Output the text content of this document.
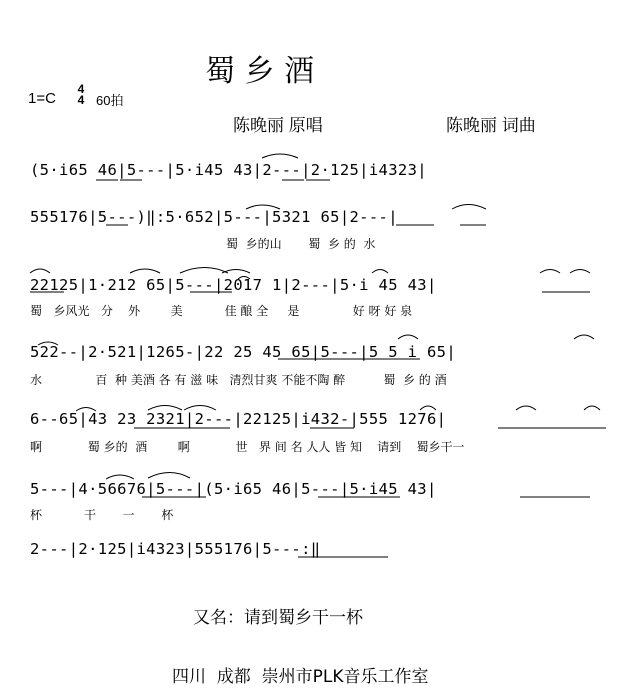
蜀 乡 酒
1=C
4
4 60拍
陈晚丽 原唱	陈晚丽 词曲
(5·i65 46|5---|5·i45 43|2---|2·125|i4323|
555176|5---)‖:5·652|5---|5321 65|2---|
蜀  乡的山       蜀  乡 的  水
22125|1·212 65|5---|2017 1|2---|5·i 45 43|
蜀   乡风光   分    外        美           佳 酿 全     是              好 呀 好 泉
522--|2·521|1265-|22 25 45 65|5---|5 5 i 65|
水              百  种 美酒 各 有 滋 味   清烈甘爽 不能不陶 醉          蜀  乡 的 酒
6--65|43 23 2321|2---|22125|i432-|555 1276|
啊            蜀 乡的  酒        啊            世   界 间 名 人人 皆 知    请到    蜀乡干一
5---|4·56676|5---|(5·i65 46|5---|5·i45 43|
杯           干       一       杯
2---|2·125|i4323|555176|5---:‖
又名：请到蜀乡干一杯
四川  成都  崇州市PLK音乐工作室
